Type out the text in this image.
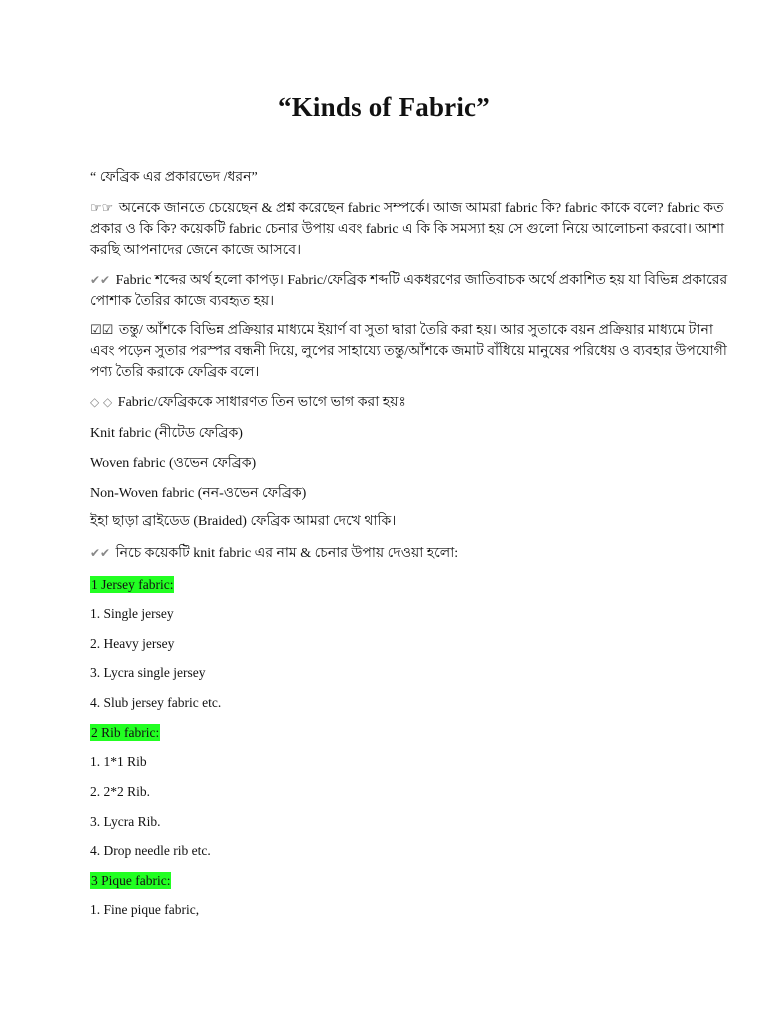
“Kinds of Fabric”
“ ফেব্রিক এর প্রকারভেদ /ধরন”
☞☞ অনেকে জানতে চেয়েছেন & প্রশ্ন করেছেন fabric সম্পর্কে। আজ আমরা fabric কি? fabric কাকে বলে? fabric কত প্রকার ও কি কি? কয়েকটি fabric চেনার উপায় এবং fabric এ কি কি সমস্যা হয় সে গুলো নিয়ে আলোচনা করবো। আশা করছি আপনাদের জেনে কাজে আসবে।
✔✔ Fabric শব্দের অর্থ হলো কাপড়। Fabric/ফেব্রিক শব্দটি একধরণের জাতিবাচক অর্থে প্রকাশিত হয় যা বিভিন্ন প্রকারের পোশাক তৈরির কাজে ব্যবহৃত হয়।
☑☑ তন্তু/ আঁশকে বিভিন্ন প্রক্রিয়ার মাধ্যমে ইয়ার্ণ বা সুতা দ্বারা তৈরি করা হয়। আর সুতাকে বয়ন প্রক্রিয়ার মাধ্যমে টানা এবং পড়েন সুতার পরস্পর বন্ধনী দিয়ে, লুপের সাহায্যে তন্তু/আঁশকে জমাট বাঁধিয়ে মানুষের পরিধেয় ও ব্যবহার উপযোগী পণ্য তৈরি করাকে ফেব্রিক বলে।
◇ ◇ Fabric/ফেব্রিককে সাধারণত তিন ভাগে ভাগ করা হয়ঃ
Knit fabric (নীটেড ফেব্রিক)
Woven fabric (ওভেন ফেব্রিক)
Non-Woven fabric (নন-ওভেন ফেব্রিক)
ইহা ছাড়া ব্রাইডেড (Braided) ফেব্রিক আমরা দেখে থাকি।
✔✔ নিচে কয়েকটি knit fabric এর নাম & চেনার উপায় দেওয়া হলো:
1 Jersey fabric:
1. Single jersey
2. Heavy jersey
3. Lycra single jersey
4. Slub jersey fabric etc.
2 Rib fabric:
1. 1*1 Rib
2. 2*2 Rib.
3. Lycra Rib.
4. Drop needle rib etc.
3 Pique fabric:
1. Fine pique fabric,
